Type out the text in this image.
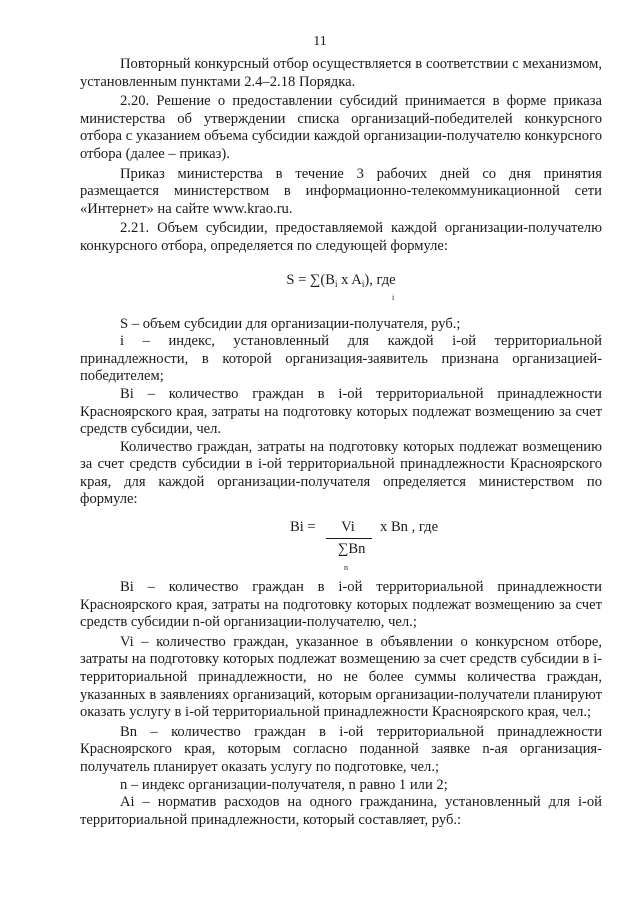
11

Повторный конкурсный отбор осуществляется в соответствии с механизмом, установленным пунктами 2.4–2.18 Порядка.

2.20. Решение о предоставлении субсидий принимается в форме приказа министерства об утверждении списка организаций-победителей конкурсного отбора с указанием объема субсидии каждой организации-получателю конкурсного отбора (далее – приказ).

Приказ министерства в течение 3 рабочих дней со дня принятия размещается министерством в информационно-телекоммуникационной сети «Интернет» на сайте www.krao.ru.

2.21. Объем субсидии, предоставляемой каждой организации-получателю конкурсного отбора, определяется по следующей формуле:

$S = \sum(B_i$ x $A_i$), где
i

S – объем субсидии для организации-получателя, руб.;

i – индекс, установленный для каждой i-ой территориальной принадлежности, в которой организация-заявитель признана организацией-победителем;

Bi – количество граждан в i-ой территориальной принадлежности Красноярского края, затраты на подготовку которых подлежат возмещению за счет средств субсидии, чел.

Количество граждан, затраты на подготовку которых подлежат возмещению за счет средств субсидии в i-ой территориальной принадлежности Красноярского края, для каждой организации-получателя определяется министерством по формуле:

Bi =	Vi
∑Bn
x Bn , где
n

Bi – количество граждан в i-ой территориальной принадлежности Красноярского края, затраты на подготовку которых подлежат возмещению за счет средств субсидии n-ой организации-получателю, чел.;

Vi – количество граждан, указанное в объявлении о конкурсном отборе, затраты на подготовку которых подлежат возмещению за счет средств субсидии в i-территориальной принадлежности, но не более суммы количества граждан, указанных в заявлениях организаций, которым организации-получатели планируют оказать услугу в i-ой территориальной принадлежности Красноярского края, чел.;

Bn – количество граждан в i-ой территориальной принадлежности Красноярского края, которым согласно поданной заявке n-ая организация-получатель планирует оказать услугу по подготовке, чел.;

n – индекс организации-получателя, n равно 1 или 2;

Ai – норматив расходов на одного гражданина, установленный для i-ой территориальной принадлежности, который составляет, руб.:
